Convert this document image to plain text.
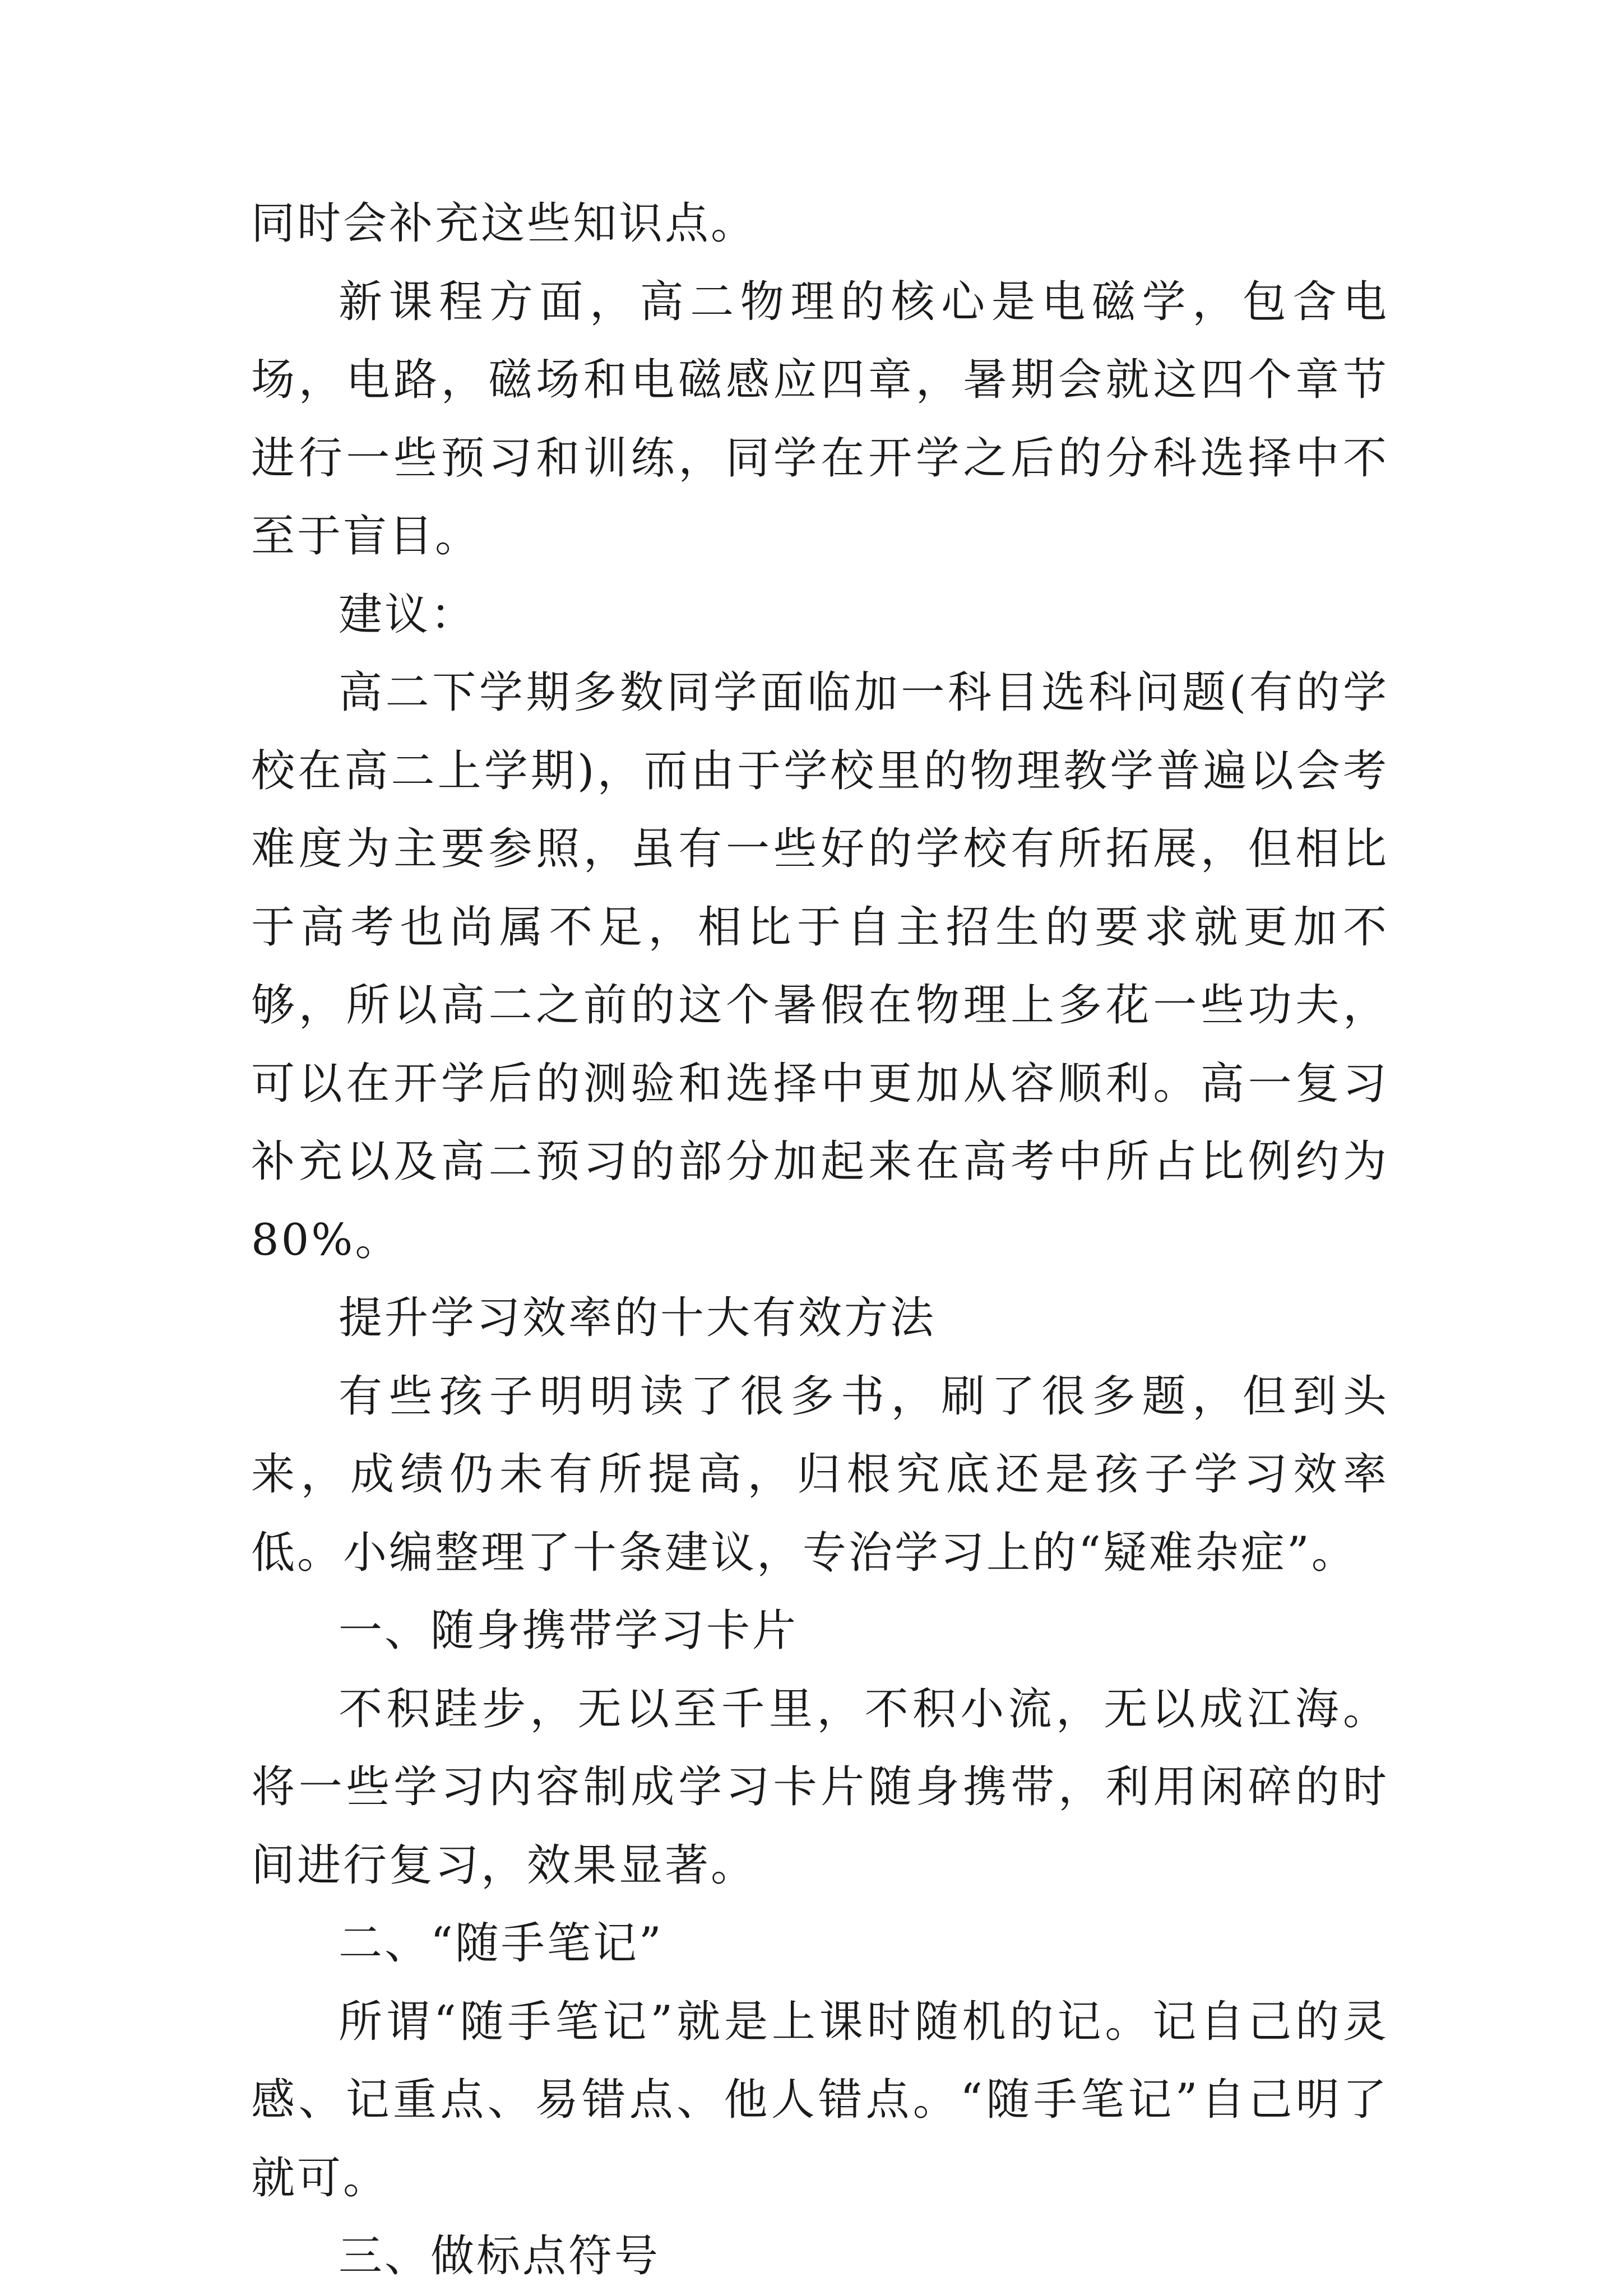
同时会补充这些知识点。

新课程方面，高二物理的核心是电磁学，包含电场，电路，磁场和电磁感应四章，暑期会就这四个章节进行一些预习和训练，同学在开学之后的分科选择中不至于盲目。

建议：

高二下学期多数同学面临加一科目选科问题(有的学校在高二上学期)，而由于学校里的物理教学普遍以会考难度为主要参照，虽有一些好的学校有所拓展，但相比于高考也尚属不足，相比于自主招生的要求就更加不够，所以高二之前的这个暑假在物理上多花一些功夫，可以在开学后的测验和选择中更加从容顺利。高一复习补充以及高二预习的部分加起来在高考中所占比例约为80%。

提升学习效率的十大有效方法

有些孩子明明读了很多书，刷了很多题，但到头来，成绩仍未有所提高，归根究底还是孩子学习效率低。小编整理了十条建议，专治学习上的“疑难杂症”。

一、随身携带学习卡片

不积跬步，无以至千里，不积小流，无以成江海。将一些学习内容制成学习卡片随身携带，利用闲碎的时间进行复习，效果显著。

二、“随手笔记”

所谓“随手笔记”就是上课时随机的记。记自己的灵感、记重点、易错点、他人错点。“随手笔记”自己明了就可。

三、做标点符号
